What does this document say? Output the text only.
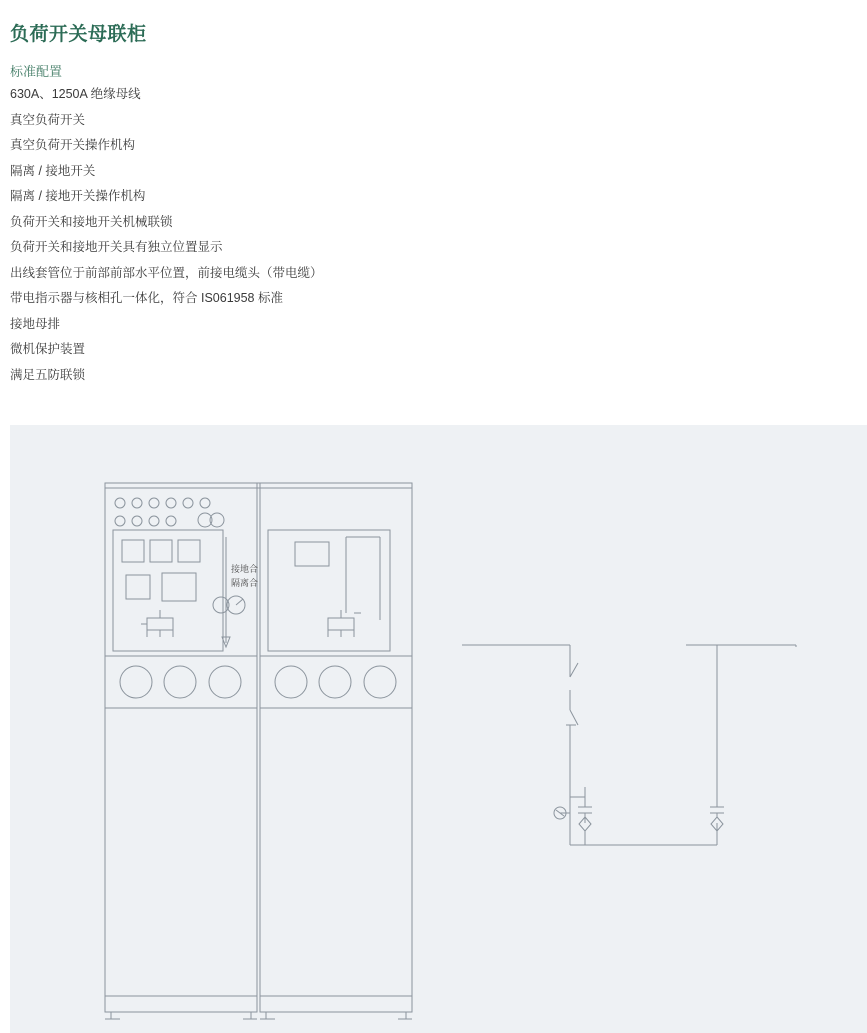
负荷开关母联柜
标准配置
630A、1250A 绝缘母线
真空负荷开关
真空负荷开关操作机构
隔离 / 接地开关
隔离 / 接地开关操作机构
负荷开关和接地开关机械联锁
负荷开关和接地开关具有独立位置显示
出线套管位于前部前部水平位置，前接电缆头（带电缆）
带电指示器与核相孔一体化，符合 IS061958 标准
接地母排
微机保护装置
满足五防联锁
接地合
隔离合
